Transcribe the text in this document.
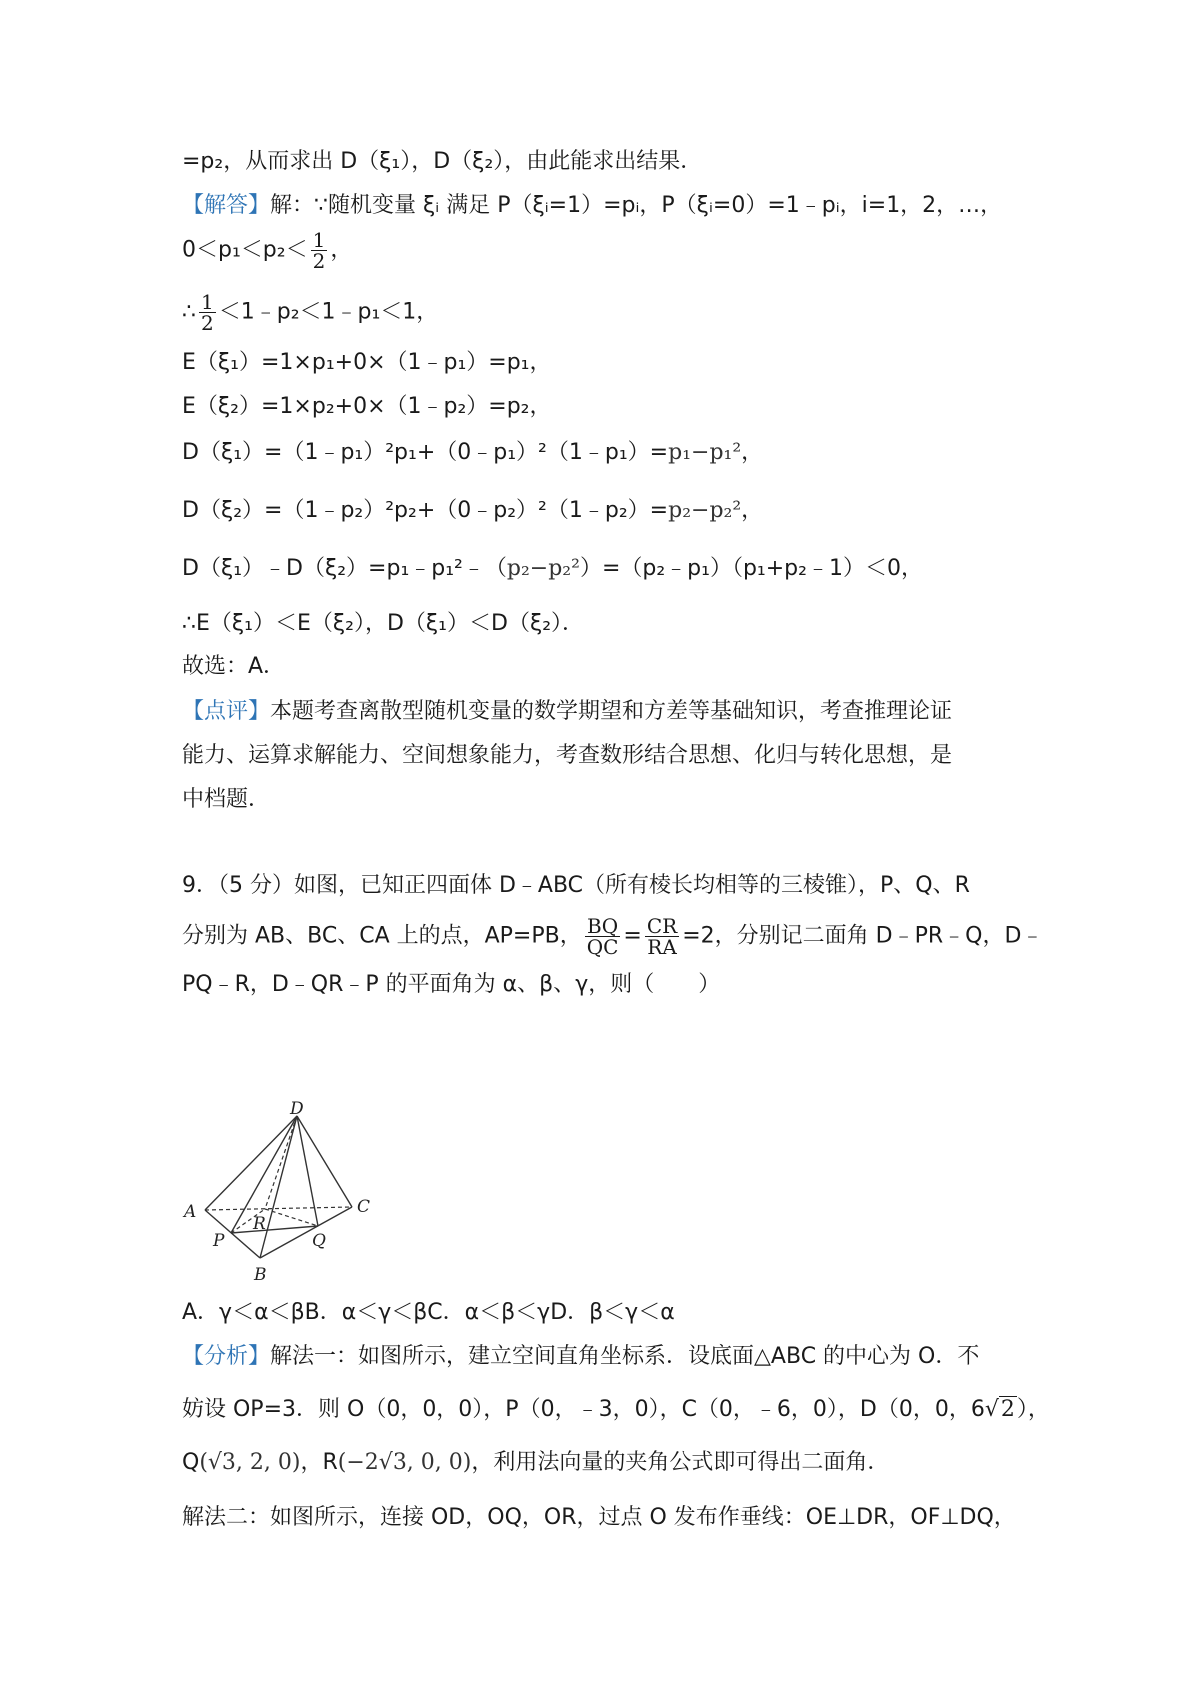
=p₂，从而求出 D（ξ₁），D（ξ₂），由此能求出结果．
【解答】解：∵随机变量 ξᵢ 满足 P（ξᵢ=1）=pᵢ，P（ξᵢ=0）=1﹣pᵢ，i=1，2，…，
$0<p_1<p_2< \frac{1}{2}$ ，
∴ $\frac{1}{2}$ ＜1﹣p₂＜1﹣p₁＜1，
E（ξ₁）=1×p₁+0×（1﹣p₁）=p₁，
E（ξ₂）=1×p₂+0×（1﹣p₂）=p₂，
D（ξ₁）=（1﹣p₁）²p₁+（0﹣p₁）²（1﹣p₁）=p₁−p₁²，
D（ξ₂）=（1﹣p₂）²p₂+（0﹣p₂）²（1﹣p₂）=p₂−p₂²，
D（ξ₁）﹣D（ξ₂）=p₁﹣p₁²﹣（p₂−p₂²）=（p₂﹣p₁）（p₁+p₂﹣1）＜0，
∴E（ξ₁）＜E（ξ₂），D（ξ₁）＜D（ξ₂）．
故选：A．
【点评】本题考查离散型随机变量的数学期望和方差等基础知识，考查推理论证
能力、运算求解能力、空间想象能力，考查数形结合思想、化归与转化思想，是
中档题．
9．（5 分）如图，已知正四面体 D﹣ABC（所有棱长均相等的三棱锥），P、Q、R
分别为 AB、BC、CA 上的点，AP=PB， $\frac{BQ}{QC} = \frac{CR}{RA} =2$，分别记二面角 D﹣PR﹣Q，D﹣
PQ﹣R，D﹣QR﹣P 的平面角为 α、β、γ，则（　　）
D
A
B
C
P	Q
R
A．γ＜α＜βB．α＜γ＜βC．α＜β＜γD．β＜γ＜α
【分析】解法一：如图所示，建立空间直角坐标系．设底面△ABC 的中心为 O．不
妨设 OP=3．则 O（0，0，0），P（0，﹣3，0），C（0，﹣6，0），D（0，0，6√2），
Q(√3, 2, 0)，R(−2√3, 0, 0)，利用法向量的夹角公式即可得出二面角．
解法二：如图所示，连接 OD，OQ，OR，过点 O 发布作垂线：OE⊥DR，OF⊥DQ，
